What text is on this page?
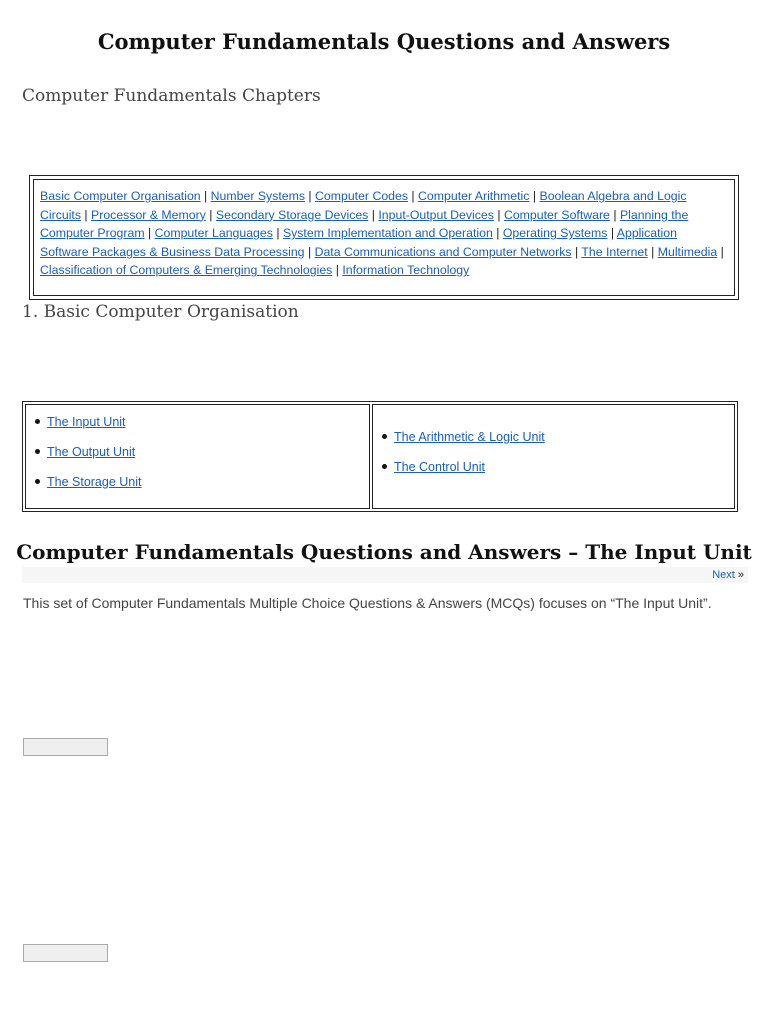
Computer Fundamentals Questions and Answers
Computer Fundamentals Chapters
Basic Computer Organisation | Number Systems | Computer Codes | Computer Arithmetic | Boolean Algebra and Logic Circuits | Processor & Memory | Secondary Storage Devices | Input-Output Devices | Computer Software | Planning the Computer Program | Computer Languages | System Implementation and Operation | Operating Systems | Application Software Packages & Business Data Processing | Data Communications and Computer Networks | The Internet | Multimedia | Classification of Computers & Emerging Technologies | Information Technology
1. Basic Computer Organisation
The Input Unit
The Output Unit
The Storage Unit
The Arithmetic & Logic Unit
The Control Unit
Computer Fundamentals Questions and Answers – The Input Unit
Next »
This set of Computer Fundamentals Multiple Choice Questions & Answers (MCQs) focuses on “The Input Unit”.
